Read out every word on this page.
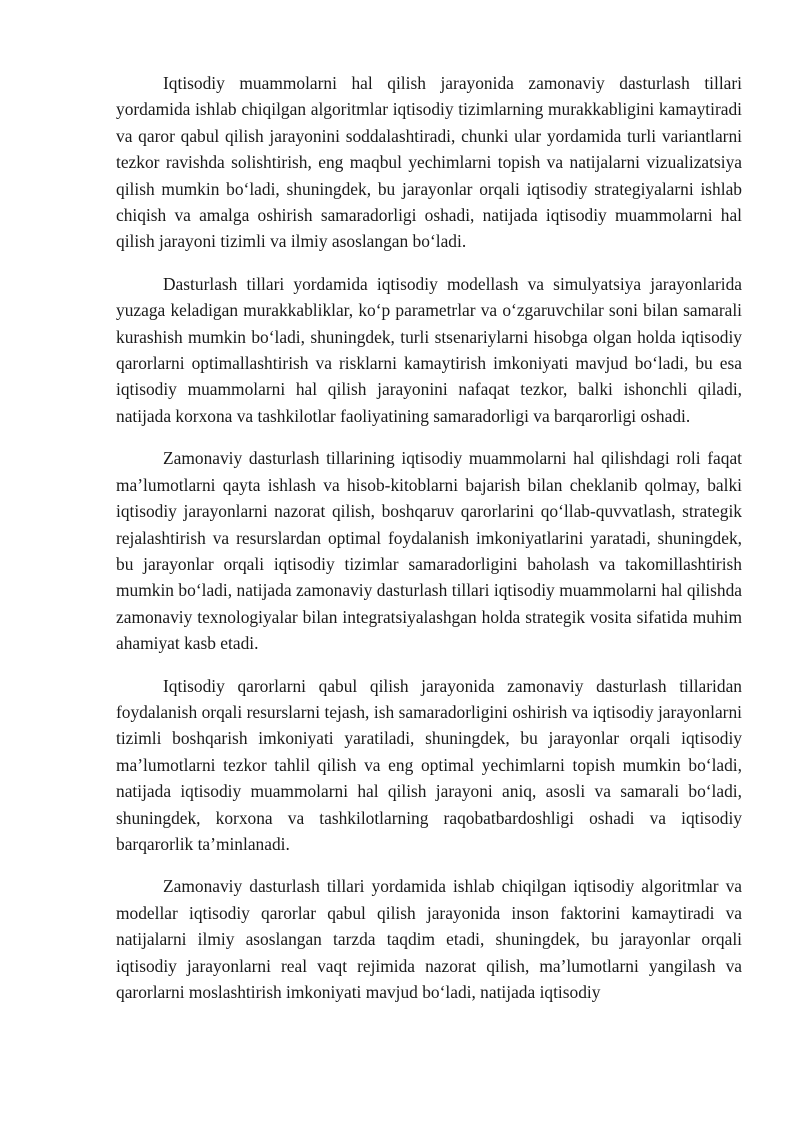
Iqtisodiy muammolarni hal qilish jarayonida zamonaviy dasturlash tillari yordamida ishlab chiqilgan algoritmlar iqtisodiy tizimlarning murakkabligini kamaytiradi va qaror qabul qilish jarayonini soddalashtiradi, chunki ular yordamida turli variantlarni tezkor ravishda solishtirish, eng maqbul yechimlarni topish va natijalarni vizualizatsiya qilish mumkin bo‘ladi, shuningdek, bu jarayonlar orqali iqtisodiy strategiyalarni ishlab chiqish va amalga oshirish samaradorligi oshadi, natijada iqtisodiy muammolarni hal qilish jarayoni tizimli va ilmiy asoslangan bo‘ladi.

Dasturlash tillari yordamida iqtisodiy modellash va simulyatsiya jarayonlarida yuzaga keladigan murakkabliklar, ko‘p parametrlar va o‘zgaruvchilar soni bilan samarali kurashish mumkin bo‘ladi, shuningdek, turli stsenariylarni hisobga olgan holda iqtisodiy qarorlarni optimallashtirish va risklarni kamaytirish imkoniyati mavjud bo‘ladi, bu esa iqtisodiy muammolarni hal qilish jarayonini nafaqat tezkor, balki ishonchli qiladi, natijada korxona va tashkilotlar faoliyatining samaradorligi va barqarorligi oshadi.

Zamonaviy dasturlash tillarining iqtisodiy muammolarni hal qilishdagi roli faqat ma’lumotlarni qayta ishlash va hisob-kitoblarni bajarish bilan cheklanib qolmay, balki iqtisodiy jarayonlarni nazorat qilish, boshqaruv qarorlarini qo‘llab-quvvatlash, strategik rejalashtirish va resurslardan optimal foydalanish imkoniyatlarini yaratadi, shuningdek, bu jarayonlar orqali iqtisodiy tizimlar samaradorligini baholash va takomillashtirish mumkin bo‘ladi, natijada zamonaviy dasturlash tillari iqtisodiy muammolarni hal qilishda zamonaviy texnologiyalar bilan integratsiyalashgan holda strategik vosita sifatida muhim ahamiyat kasb etadi.

Iqtisodiy qarorlarni qabul qilish jarayonida zamonaviy dasturlash tillaridan foydalanish orqali resurslarni tejash, ish samaradorligini oshirish va iqtisodiy jarayonlarni tizimli boshqarish imkoniyati yaratiladi, shuningdek, bu jarayonlar orqali iqtisodiy ma’lumotlarni tezkor tahlil qilish va eng optimal yechimlarni topish mumkin bo‘ladi, natijada iqtisodiy muammolarni hal qilish jarayoni aniq, asosli va samarali bo‘ladi, shuningdek, korxona va tashkilotlarning raqobatbardoshligi oshadi va iqtisodiy barqarorlik ta’minlanadi.

Zamonaviy dasturlash tillari yordamida ishlab chiqilgan iqtisodiy algoritmlar va modellar iqtisodiy qarorlar qabul qilish jarayonida inson faktorini kamaytiradi va natijalarni ilmiy asoslangan tarzda taqdim etadi, shuningdek, bu jarayonlar orqali iqtisodiy jarayonlarni real vaqt rejimida nazorat qilish, ma’lumotlarni yangilash va qarorlarni moslashtirish imkoniyati mavjud bo‘ladi, natijada iqtisodiy
